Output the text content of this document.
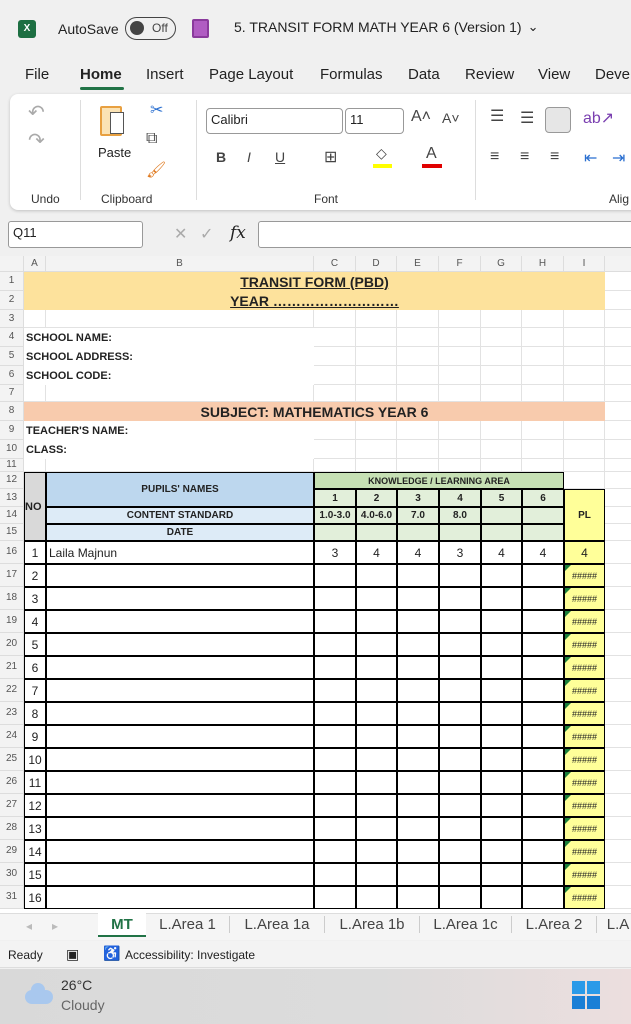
X	AutoSave	Off	5. TRANSIT FORM MATH YEAR 6 (Version 1) ⌄
File Home Insert Page Layout Formulas Data Review View Deve
↶
↷
Undo
Paste
✂
⧉
🖌
Clipboard
Calibri	11	A˄ A˅
B I U ⊞	◇ A
Font
☰ ☰	ab↗
≡ ≡ ≡ ⇤ ⇥
Alig
Q11	✕ ✓ fx
A	B	C	D	E	F	G	H	I
1
2
3
4
5
6
7
8
9
10
11
12
13
14
15
16
17
18
19
20
21
22
23
24
25
26
27
28
29
30
31
TRANSIT FORM (PBD)
YEAR ………………………
SCHOOL NAME:
SCHOOL ADDRESS:
SCHOOL CODE:
SUBJECT: MATHEMATICS YEAR 6
TEACHER'S NAME:
CLASS:
NO
PUPILS' NAMES
CONTENT STANDARD
DATE
KNOWLEDGE / LEARNING AREA
1
1.0-3.0
2
4.0-6.0
3
7.0
4
8.0
5	6
PL
1 Laila Majnun	3	4	4	3	4	4	4
2	#####
3	#####
4	#####
5	#####
6	#####
7	#####
8	#####
9	#####
10	#####
11	#####
12	#####
13	#####
14	#####
15	#####
16	#####
◂ ▸	MT	L.Area 1	L.Area 1a	L.Area 1b	L.Area 1c	L.Area 2	L.A
Ready ▣ ♿ Accessibility: Investigate
26°C
Cloudy
